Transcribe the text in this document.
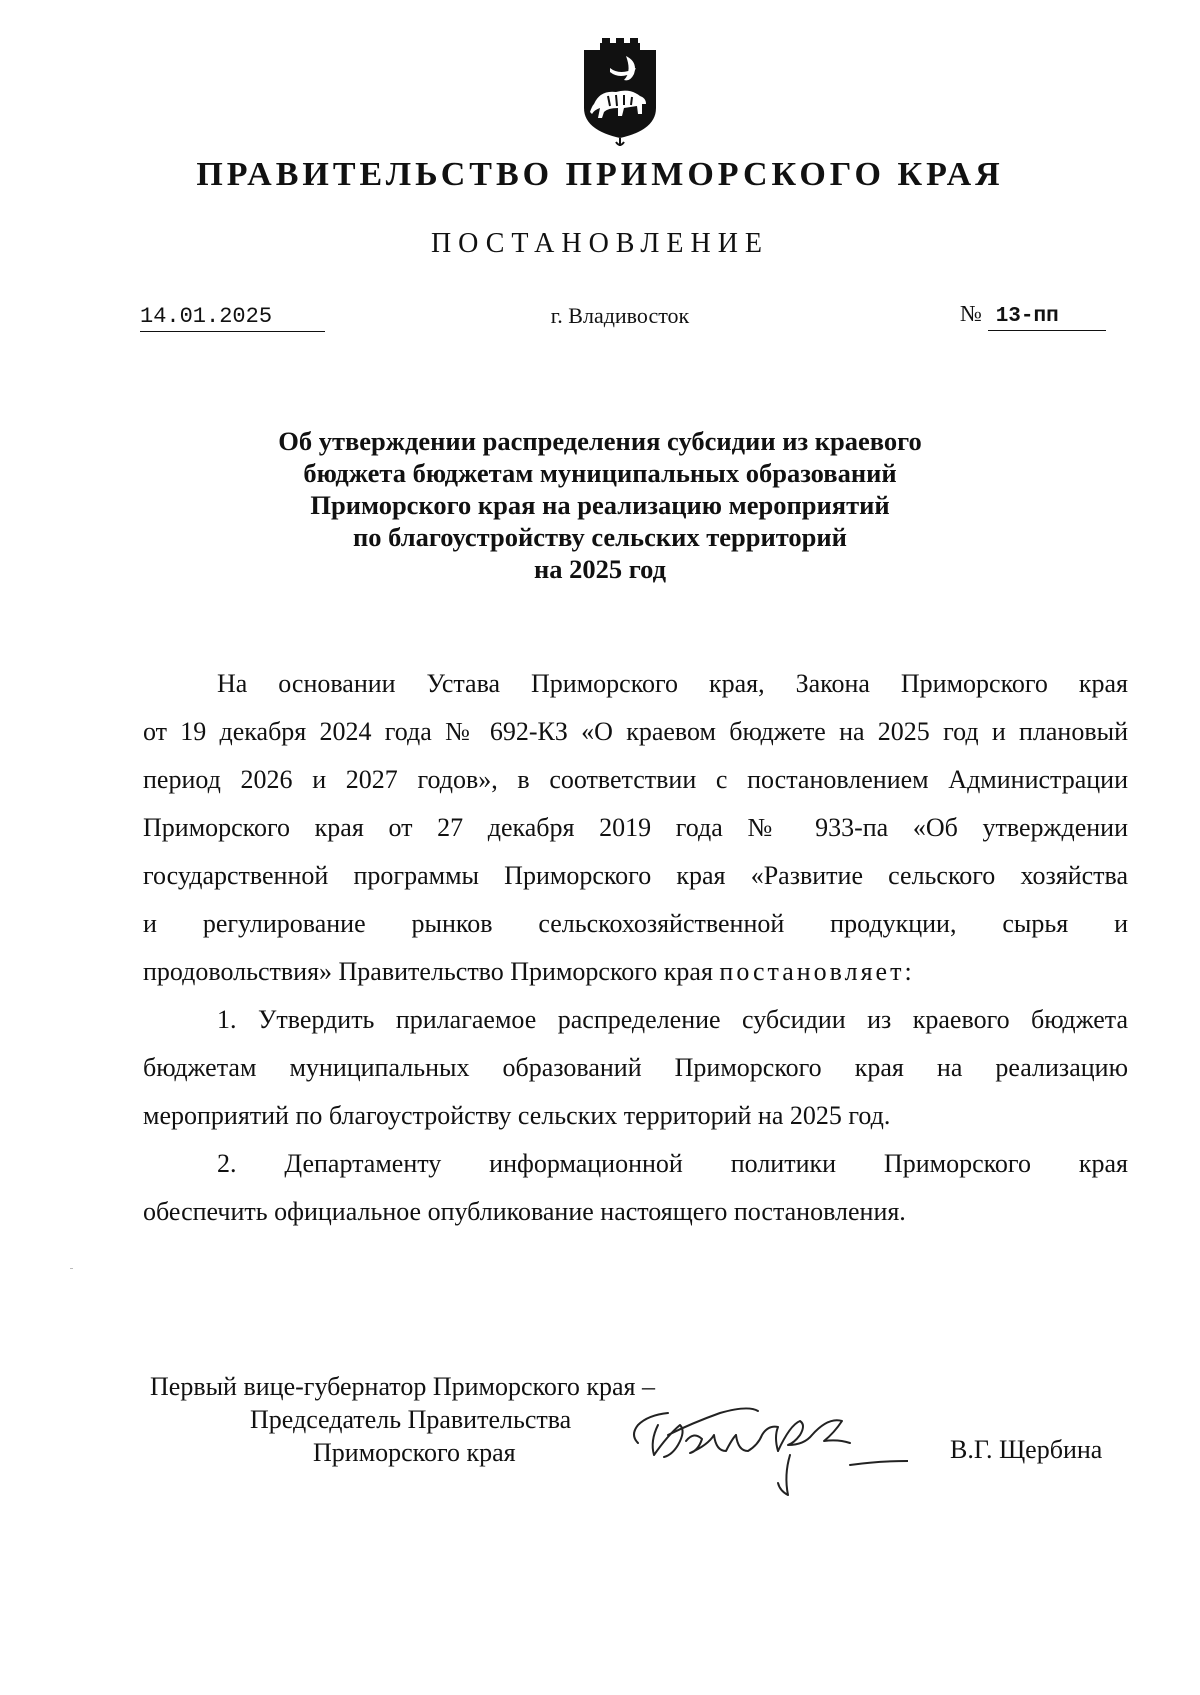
ПРАВИТЕЛЬСТВО ПРИМОРСКОГО КРАЯ
ПОСТАНОВЛЕНИЕ
14.01.2025	г. Владивосток	№ 13-пп
Об утверждении распределения субсидии из краевого
бюджета бюджетам муниципальных образований
Приморского края на реализацию мероприятий
по благоустройству сельских территорий
на 2025 год
На основании Устава Приморского края, Закона Приморского края
от 19 декабря 2024 года № 692-КЗ «О краевом бюджете на 2025 год и плановый
период 2026 и 2027 годов», в соответствии с постановлением Администрации
Приморского края от 27 декабря 2019 года № 933-па «Об утверждении
государственной программы Приморского края «Развитие сельского хозяйства
и регулирование рынков сельскохозяйственной продукции, сырья и
продовольствия» Правительство Приморского края постановляет:
1. Утвердить прилагаемое распределение субсидии из краевого бюджета
бюджетам муниципальных образований Приморского края на реализацию
мероприятий по благоустройству сельских территорий на 2025 год.
2. Департаменту информационной политики Приморского края
обеспечить официальное опубликование настоящего постановления.
Первый вице-губернатор Приморского края –
Председатель Правительства
Приморского края	В.Г. Щербина
